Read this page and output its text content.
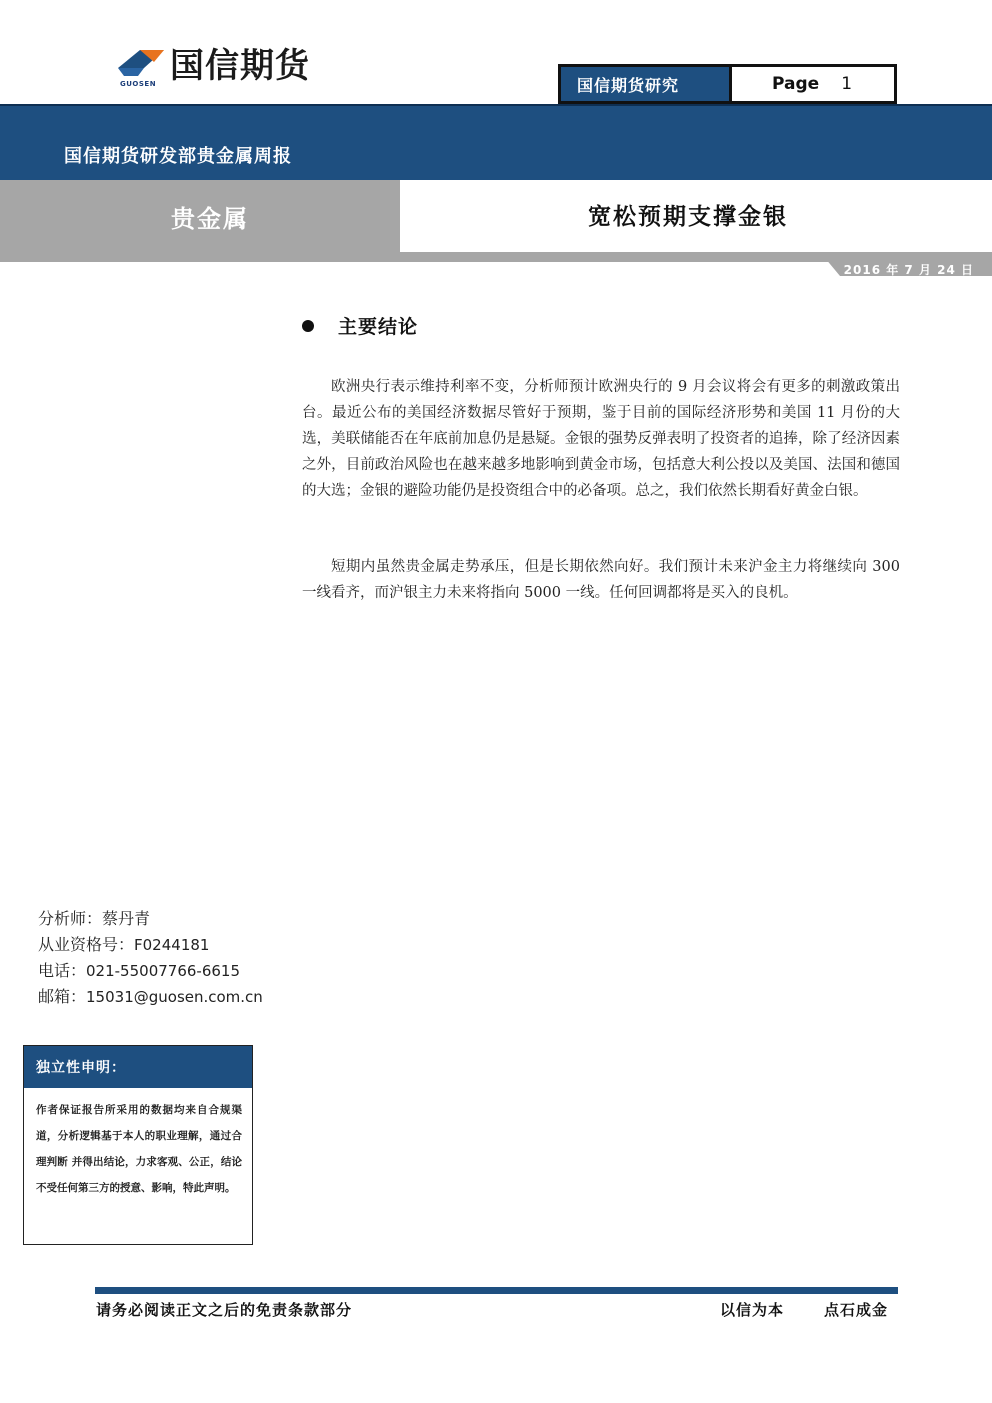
GUOSEN 国信期货	国信期货研究	Page 1
国信期货研发部贵金属周报
贵金属	宽松预期支撑金银
2016 年 7 月 24 日
主要结论

欧洲央行表示维持利率不变，分析师预计欧洲央行的 9 月会议将会有更多的刺激政策出台。最近公布的美国经济数据尽管好于预期，鉴于目前的国际经济形势和美国 11 月份的大选，美联储能否在年底前加息仍是悬疑。金银的强势反弹表明了投资者的追捧，除了经济因素之外，目前政治风险也在越来越多地影响到黄金市场，包括意大利公投以及美国、法国和德国的大选；金银的避险功能仍是投资组合中的必备项。总之，我们依然长期看好黄金白银。

短期内虽然贵金属走势承压，但是长期依然向好。我们预计未来沪金主力将继续向 300 一线看齐，而沪银主力未来将指向 5000 一线。任何回调都将是买入的良机。

分析师：蔡丹青
从业资格号：F0244181
电话：021-55007766-6615
邮箱：15031@guosen.com.cn
独立性申明：
作者保证报告所采用的数据均来自合规渠道，分析逻辑基于本人的职业理解，通过合理判断 并得出结论，力求客观、公正，结论不受任何第三方的授意、影响，特此声明。
请务必阅读正文之后的免责条款部分	以信为本	点石成金
